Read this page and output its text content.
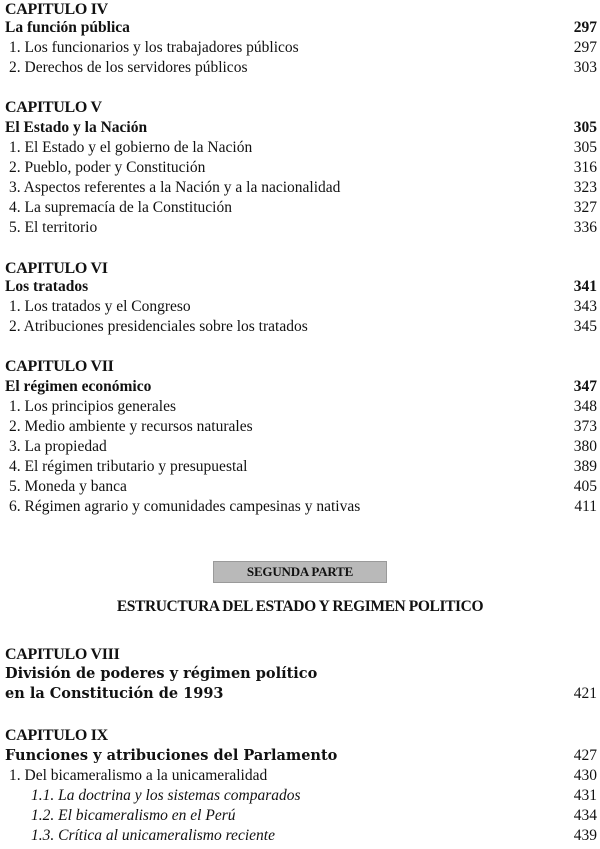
CAPITULO IV
La función pública	297
1. Los funcionarios y los trabajadores públicos	297
2. Derechos de los servidores públicos	303
CAPITULO V
El Estado y la Nación	305
1. El Estado y el gobierno de la Nación	305
2. Pueblo, poder y Constitución	316
3. Aspectos referentes a la Nación y a la nacionalidad	323
4. La supremacía de la Constitución	327
5. El territorio	336
CAPITULO VI
Los tratados	341
1. Los tratados y el Congreso	343
2. Atribuciones presidenciales sobre los tratados	345
CAPITULO VII
El régimen económico	347
1. Los principios generales	348
2. Medio ambiente y recursos naturales	373
3. La propiedad	380
4. El régimen tributario y presupuestal	389
5. Moneda y banca	405
6. Régimen agrario y comunidades campesinas y nativas	411
SEGUNDA PARTE
ESTRUCTURA DEL ESTADO Y REGIMEN POLITICO
CAPITULO VIII
División de poderes y régimen político
en la Constitución de 1993	421
CAPITULO IX
Funciones y atribuciones del Parlamento	427
1. Del bicameralismo a la unicameralidad	430
1.1. La doctrina y los sistemas comparados	431
1.2. El bicameralismo en el Perú	434
1.3. Crítica al unicameralismo reciente	439
